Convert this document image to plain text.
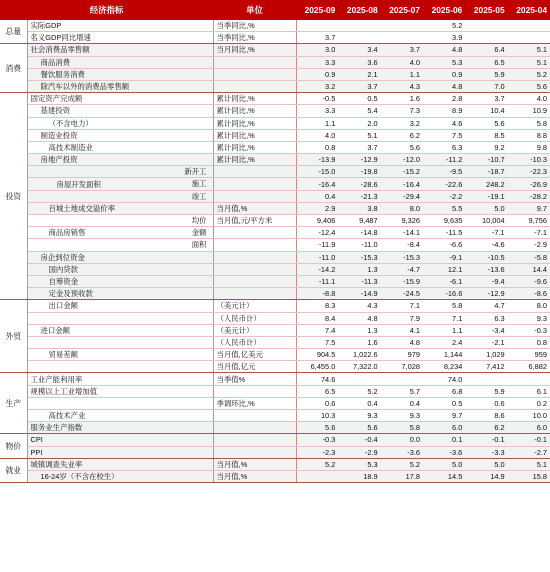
经济指标		单位	2025-09	2025-08	2025-07	2025-06	2025-05	2025-04
总量	实际GDP	当季同比,%				5.2		
	名义GDP同比增速	当季同比,%	3.7			3.9		
消费	社会消费品零售额	当月同比,%	3.0	3.4	3.7	4.8	6.4	5.1
	商品消费		3.3	3.6	4.0	5.3	6.5	5.1
	餐饮服务消费		0.9	2.1	1.1	0.9	5.9	5.2
	除汽车以外的消费品零售额		3.2	3.7	4.3	4.8	7.0	5.6
投资	固定资产完成额	累计同比,%	-0.5	0.5	1.6	2.8	3.7	4.0
	基建投资	累计同比,%	3.3	5.4	7.3	8.9	10.4	10.9
	（不含电力）	累计同比,%	1.1	2.0	3.2	4.6	5.6	5.8
	制造业投资	累计同比,%	4.0	5.1	6.2	7.5	8.5	8.8
	高技术制造业	累计同比,%	0.8	3.7	5.6	6.3	9.2	9.8
	房地产投资	累计同比,%	-13.9	-12.9	-12.0	-11.2	-10.7	-10.3

	新开工		-15.0	-19.8	-15.2	-9.5	-18.7	-22.3
	房屋开发面积 施工		-16.4	-28.6	-16.4	-22.6	248.2	-26.9

	竣工		0.4	-21.3	-29.4	-2.2	-19.1	-28.2
	百城土地成交溢价率	当月值,%	2.9	3.8	8.0	5.5	5.0	9.7

	均价	当月值,元/平方米	9,406	9,487	9,326	9,635	10,004	9,756
	商品房销售 金额		-12.4	-14.8	-14.1	-11.5	-7.1	-7.1

	面积		-11.9	-11.0	-8.4	-6.6	-4.6	-2.9
	房企到位资金		-11.0	-15.3	-15.3	-9.1	-10.5	-5.8
	国内贷款		-14.2	1.3	-4.7	12.1	-13.6	14.4
	自筹资金		-11.1	-11.3	-15.9	-6.1	-9.4	-9.6
	定金及预收款		-8.8	-14.9	-24.5	-16.6	-12.9	-8.6
外贸	出口金额	（美元计）	8.3	4.3	7.1	5.8	4.7	8.0
		（人民币计）	8.4	4.8	7.9	7.1	6.3	9.3
	进口金额	（美元计）	7.4	1.3	4.1	1.1	-3.4	-0.3
		（人民币计）	7.5	1.6	4.8	2.4	-2.1	0.8
	贸易差额	当月值,亿美元	904.5	1,022.6	979	1,144	1,029	959
		当月值,亿元	6,455.0	7,322.0	7,028	8,234	7,412	6,882
生产	工业产能利用率	当季值%	74.6			74.0		
	规模以上工业增加值		6.5	5.2	5.7	6.8	5.9	6.1
		季调环比,%	0.6	0.4	0.4	0.5	0.6	0.2
	高技术产业		10.3	9.3	9.3	9.7	8.6	10.0
	服务业生产指数		5.6	5.6	5.8	6.0	6.2	6.0
物价	CPI		-0.3	-0.4	0.0	0.1	-0.1	-0.1
	PPI		-2.3	-2.9	-3.6	-3.6	-3.3	-2.7
就业	城镇调查失业率	当月值,%	5.2	5.3	5.2	5.0	5.0	5.1
	16-24岁（不含在校生）	当月值,%		18.9	17.8	14.5	14.9	15.8
